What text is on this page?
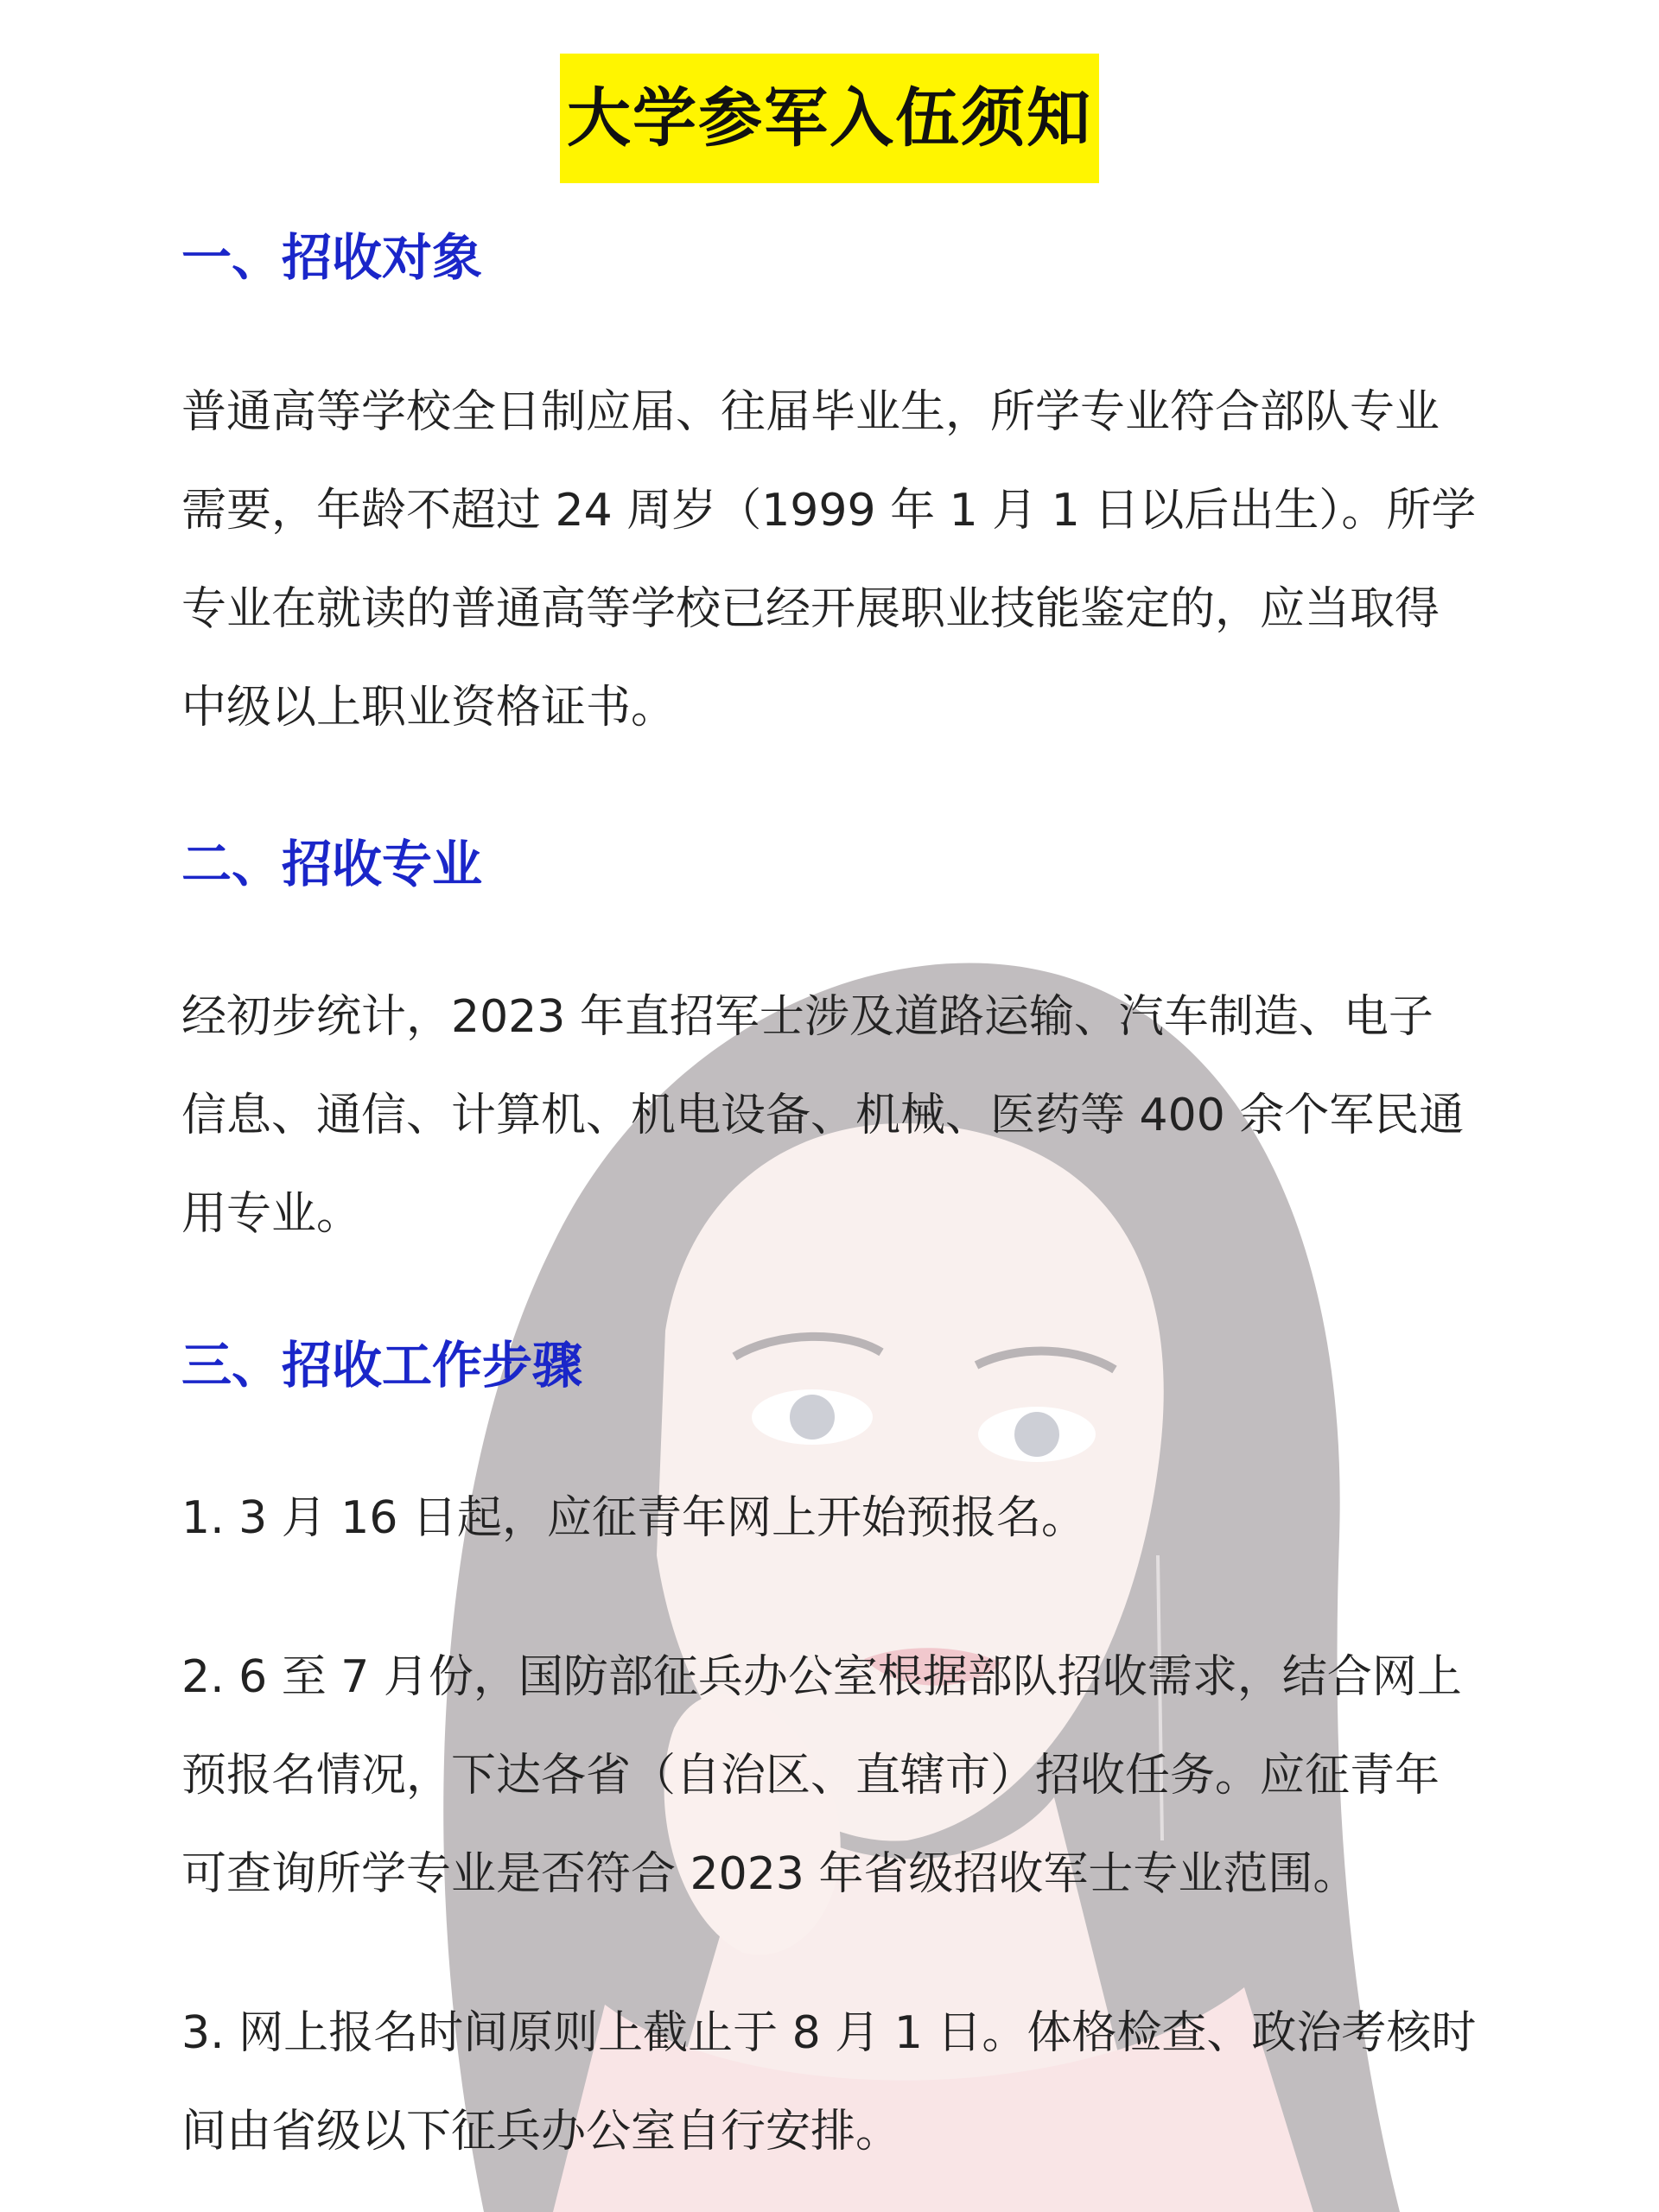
大学参军入伍须知
一、招收对象
普通高等学校全日制应届、往届毕业生，所学专业符合部队专业
需要，年龄不超过 24 周岁（1999 年 1 月 1 日以后出生）。所学
专业在就读的普通高等学校已经开展职业技能鉴定的，应当取得
中级以上职业资格证书。
二、招收专业
经初步统计，2023 年直招军士涉及道路运输、汽车制造、电子
信息、通信、计算机、机电设备、机械、医药等 400 余个军民通
用专业。
三、招收工作步骤
1. 3 月 16 日起，应征青年网上开始预报名。
2. 6 至 7 月份，国防部征兵办公室根据部队招收需求，结合网上
预报名情况，下达各省（自治区、直辖市）招收任务。应征青年
可查询所学专业是否符合 2023 年省级招收军士专业范围。
3. 网上报名时间原则上截止于 8 月 1 日。体格检查、政治考核时
间由省级以下征兵办公室自行安排。
